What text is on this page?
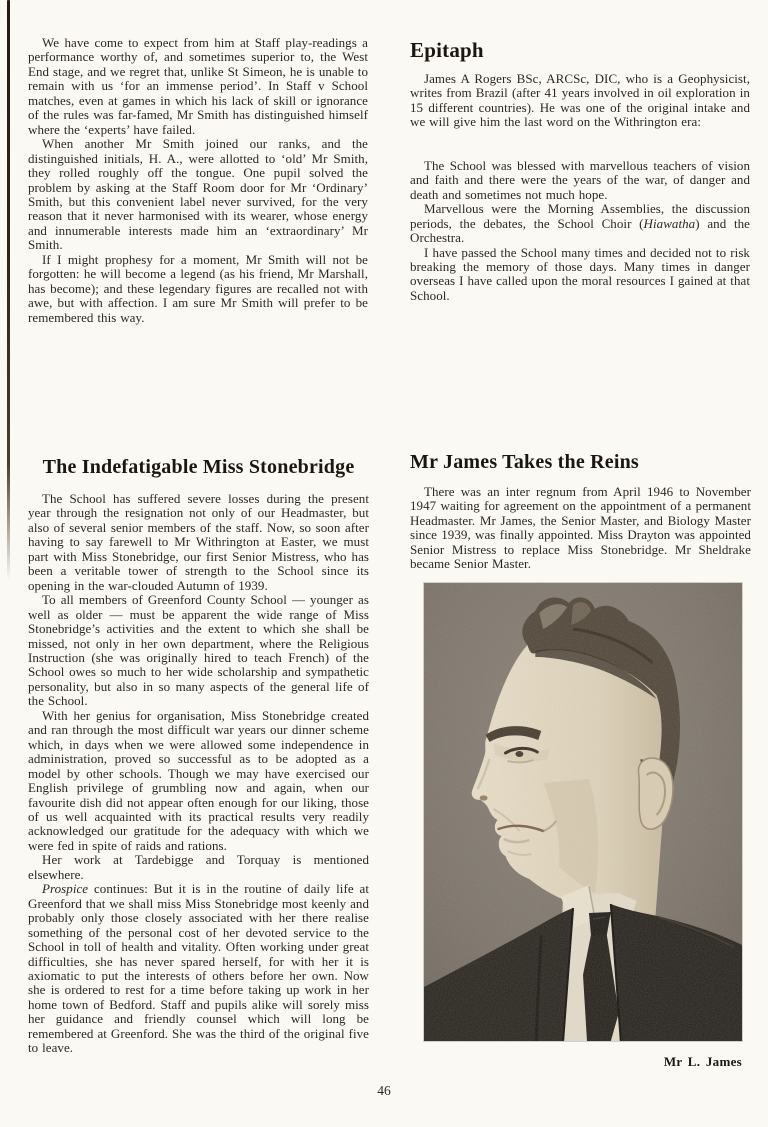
We have come to expect from him at Staff play-readings a performance worthy of, and sometimes superior to, the West End stage, and we regret that, unlike St Simeon, he is unable to remain with us ‘for an immense period’. In Staff v School matches, even at games in which his lack of skill or ignorance of the rules was far-famed, Mr Smith has distinguished himself where the ‘experts’ have failed.

When another Mr Smith joined our ranks, and the distinguished initials, H. A., were allotted to ‘old’ Mr Smith, they rolled roughly off the tongue. One pupil solved the problem by asking at the Staff Room door for Mr ‘Ordinary’ Smith, but this convenient label never survived, for the very reason that it never harmonised with its wearer, whose energy and innumerable interests made him an ‘extraordinary’ Mr Smith.

If I might prophesy for a moment, Mr Smith will not be forgotten: he will become a legend (as his friend, Mr Marshall, has become); and these legendary figures are recalled not with awe, but with affection. I am sure Mr Smith will prefer to be remembered this way.

Epitaph

James A Rogers BSc, ARCSc, DIC, who is a Geophysicist, writes from Brazil (after 41 years involved in oil exploration in 15 different countries). He was one of the original intake and we will give him the last word on the Withrington era:

The School was blessed with marvellous teachers of vision and faith and there were the years of the war, of danger and death and sometimes not much hope.

Marvellous were the Morning Assemblies, the discussion periods, the debates, the School Choir (Hiawatha) and the Orchestra.

I have passed the School many times and decided not to risk breaking the memory of those days. Many times in danger overseas I have called upon the moral resources I gained at that School.

The Indefatigable Miss Stonebridge

The School has suffered severe losses during the present year through the resignation not only of our Headmaster, but also of several senior members of the staff. Now, so soon after having to say farewell to Mr Withrington at Easter, we must part with Miss Stonebridge, our first Senior Mistress, who has been a veritable tower of strength to the School since its opening in the war-clouded Autumn of 1939.

To all members of Greenford County School — younger as well as older — must be apparent the wide range of Miss Stonebridge’s activities and the extent to which she shall be missed, not only in her own department, where the Religious Instruction (she was originally hired to teach French) of the School owes so much to her wide scholarship and sympathetic personality, but also in so many aspects of the general life of the School.

With her genius for organisation, Miss Stonebridge created and ran through the most difficult war years our dinner scheme which, in days when we were allowed some independence in administration, proved so successful as to be adopted as a model by other schools. Though we may have exercised our English privilege of grumbling now and again, when our favourite dish did not appear often enough for our liking, those of us well acquainted with its practical results very readily acknowledged our gratitude for the adequacy with which we were fed in spite of raids and rations.

Her work at Tardebigge and Torquay is mentioned elsewhere.

Prospice continues: But it is in the routine of daily life at Greenford that we shall miss Miss Stonebridge most keenly and probably only those closely associated with her there realise something of the personal cost of her devoted service to the School in toll of health and vitality. Often working under great difficulties, she has never spared herself, for with her it is axiomatic to put the interests of others before her own. Now she is ordered to rest for a time before taking up work in her home town of Bedford. Staff and pupils alike will sorely miss her guidance and friendly counsel which will long be remembered at Greenford. She was the third of the original five to leave.

Mr James Takes the Reins

There was an inter regnum from April 1946 to November 1947 waiting for agreement on the appointment of a permanent Headmaster. Mr James, the Senior Master, and Biology Master since 1939, was finally appointed. Miss Drayton was appointed Senior Mistress to replace Miss Stonebridge. Mr Sheldrake became Senior Master.

Mr L. James
46
